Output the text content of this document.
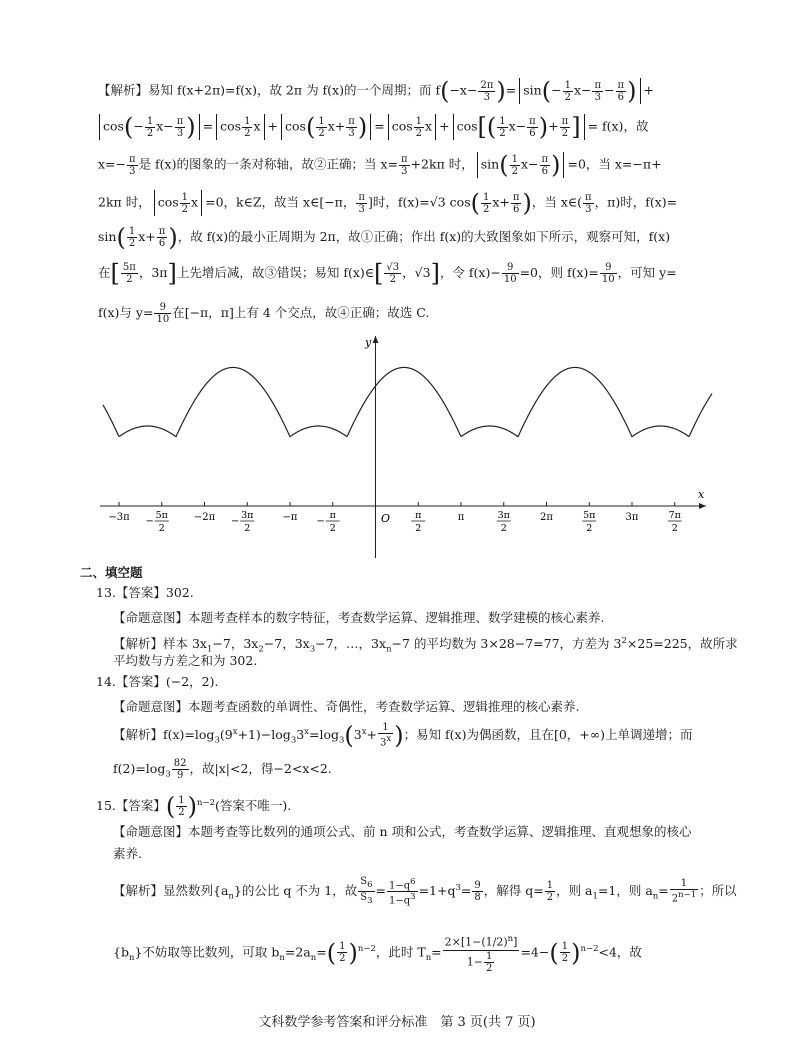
【解析】易知 f(x+2π)=f(x)，故 2π 为 f(x)的一个周期；而 $f(-x- \frac{2\pi}{3}$ )= $\sin(- \frac{1}{2} x- \frac{\pi}{3} - \frac{\pi}{6}$ ) +
$\cos(- \frac{1}{2} x- \frac{\pi}{3}$ ) = $\cos \frac{1}{2}$ $x + \cos( \frac{1}{2} x+ \frac{\pi}{3}$ ) = $\cos \frac{1}{2}$ $x + \cos[( \frac{1}{2} x- \frac{\pi}{6}$ )+ $\frac{\pi}{2}$ ] = f(x)，故
$x=- \frac{\pi}{3}$ 是 f(x)的图象的一条对称轴，故②正确；当 $x= \frac{\pi}{3} +2k\pi$ 时， $\sin( \frac{1}{2} x- \frac{\pi}{6}$ ) =0，当 x=−π+
2kπ 时， $\cos \frac{1}{2}$ x =0，k∈Z，故当 x∈[−π， $\frac{\pi}{3}$ ]时，f(x)=√3 $\cos( \frac{1}{2} x+ \frac{\pi}{6}$ )，当 x∈( $\frac{\pi}{3}$ ，π)时，f(x)=
$\sin( \frac{1}{2} x+ \frac{\pi}{6}$ )，故 f(x)的最小正周期为 2π，故①正确；作出 f(x)的大致图象如下所示，观察可知，f(x)
在[ $\frac{5\pi}{2}$ ，3π]上先增后减，故③错误；易知 f(x)∈[ $\frac{√3}{2}$ ，√3]，令 $f(x)- \frac{9}{10} =0$，则 $f(x)= \frac{9}{10}$ ，可知 y=
f(x)与 $y= \frac{9}{10}$ 在[−π，π]上有 4 个交点，故④正确；故选 C.
−3π −
5π
2
−2π −
3π
2
−π −
π
2
π
2
π	3π
2
2π	5π
2
3π	7π
2
y
x
O
二、填空题
13.【答案】302.
【命题意图】本题考查样本的数字特征，考查数学运算、逻辑推理、数学建模的核心素养.
【解析】样本 $3x_1-7$，$3x_2-7$，$3x_3-7$，…，$3x_n-7$ 的平均数为 3×28−7=77，方差为 $3^2\times 25=225$，故所求
平均数与方差之和为 302.
14.【答案】(−2，2).
【命题意图】本题考查函数的单调性、奇偶性，考查数学运算、逻辑推理的核心素养.
【解析】$f(x)=\log_3(9^x+1)-\log_33^x=\log_3(3^x+ \frac{1}{3^x}$ )；易知 f(x)为偶函数，且在[0，+∞)上单调递增；而
$f(2)=\log_3 \frac{82}{9}$ ，故|x|<2，得−2<x<2.
15.【答案】( $\frac{1}{2} )^{n-2}$(答案不唯一).
【命题意图】本题考查等比数列的通项公式、前 n 项和公式，考查数学运算、逻辑推理、直观想象的核心
素养.
【解析】显然数列$\{a_n\}$的公比 q 不为 1，故 $\frac{S_6}{S_3} = \frac{1-q^6}{1-q^3} =1+q^3= \frac{9}{8}$ ，解得 $q= \frac{1}{2}$ ，则 $a_1=1$，则 $a_n= \frac{1}{2^{n-1}}$ ；所以
$\{b_n\}$不妨取等比数列，可取 $b_n=2a_n=( \frac{1}{2} )^{n-2}$，此时 $T_n= \frac{2\times[1-(1/2)^n]}{1- \frac{1}{2}} =4-( \frac{1}{2} )^{n-2}<4$，故
文科数学参考答案和评分标准　第 3 页(共 7 页)
